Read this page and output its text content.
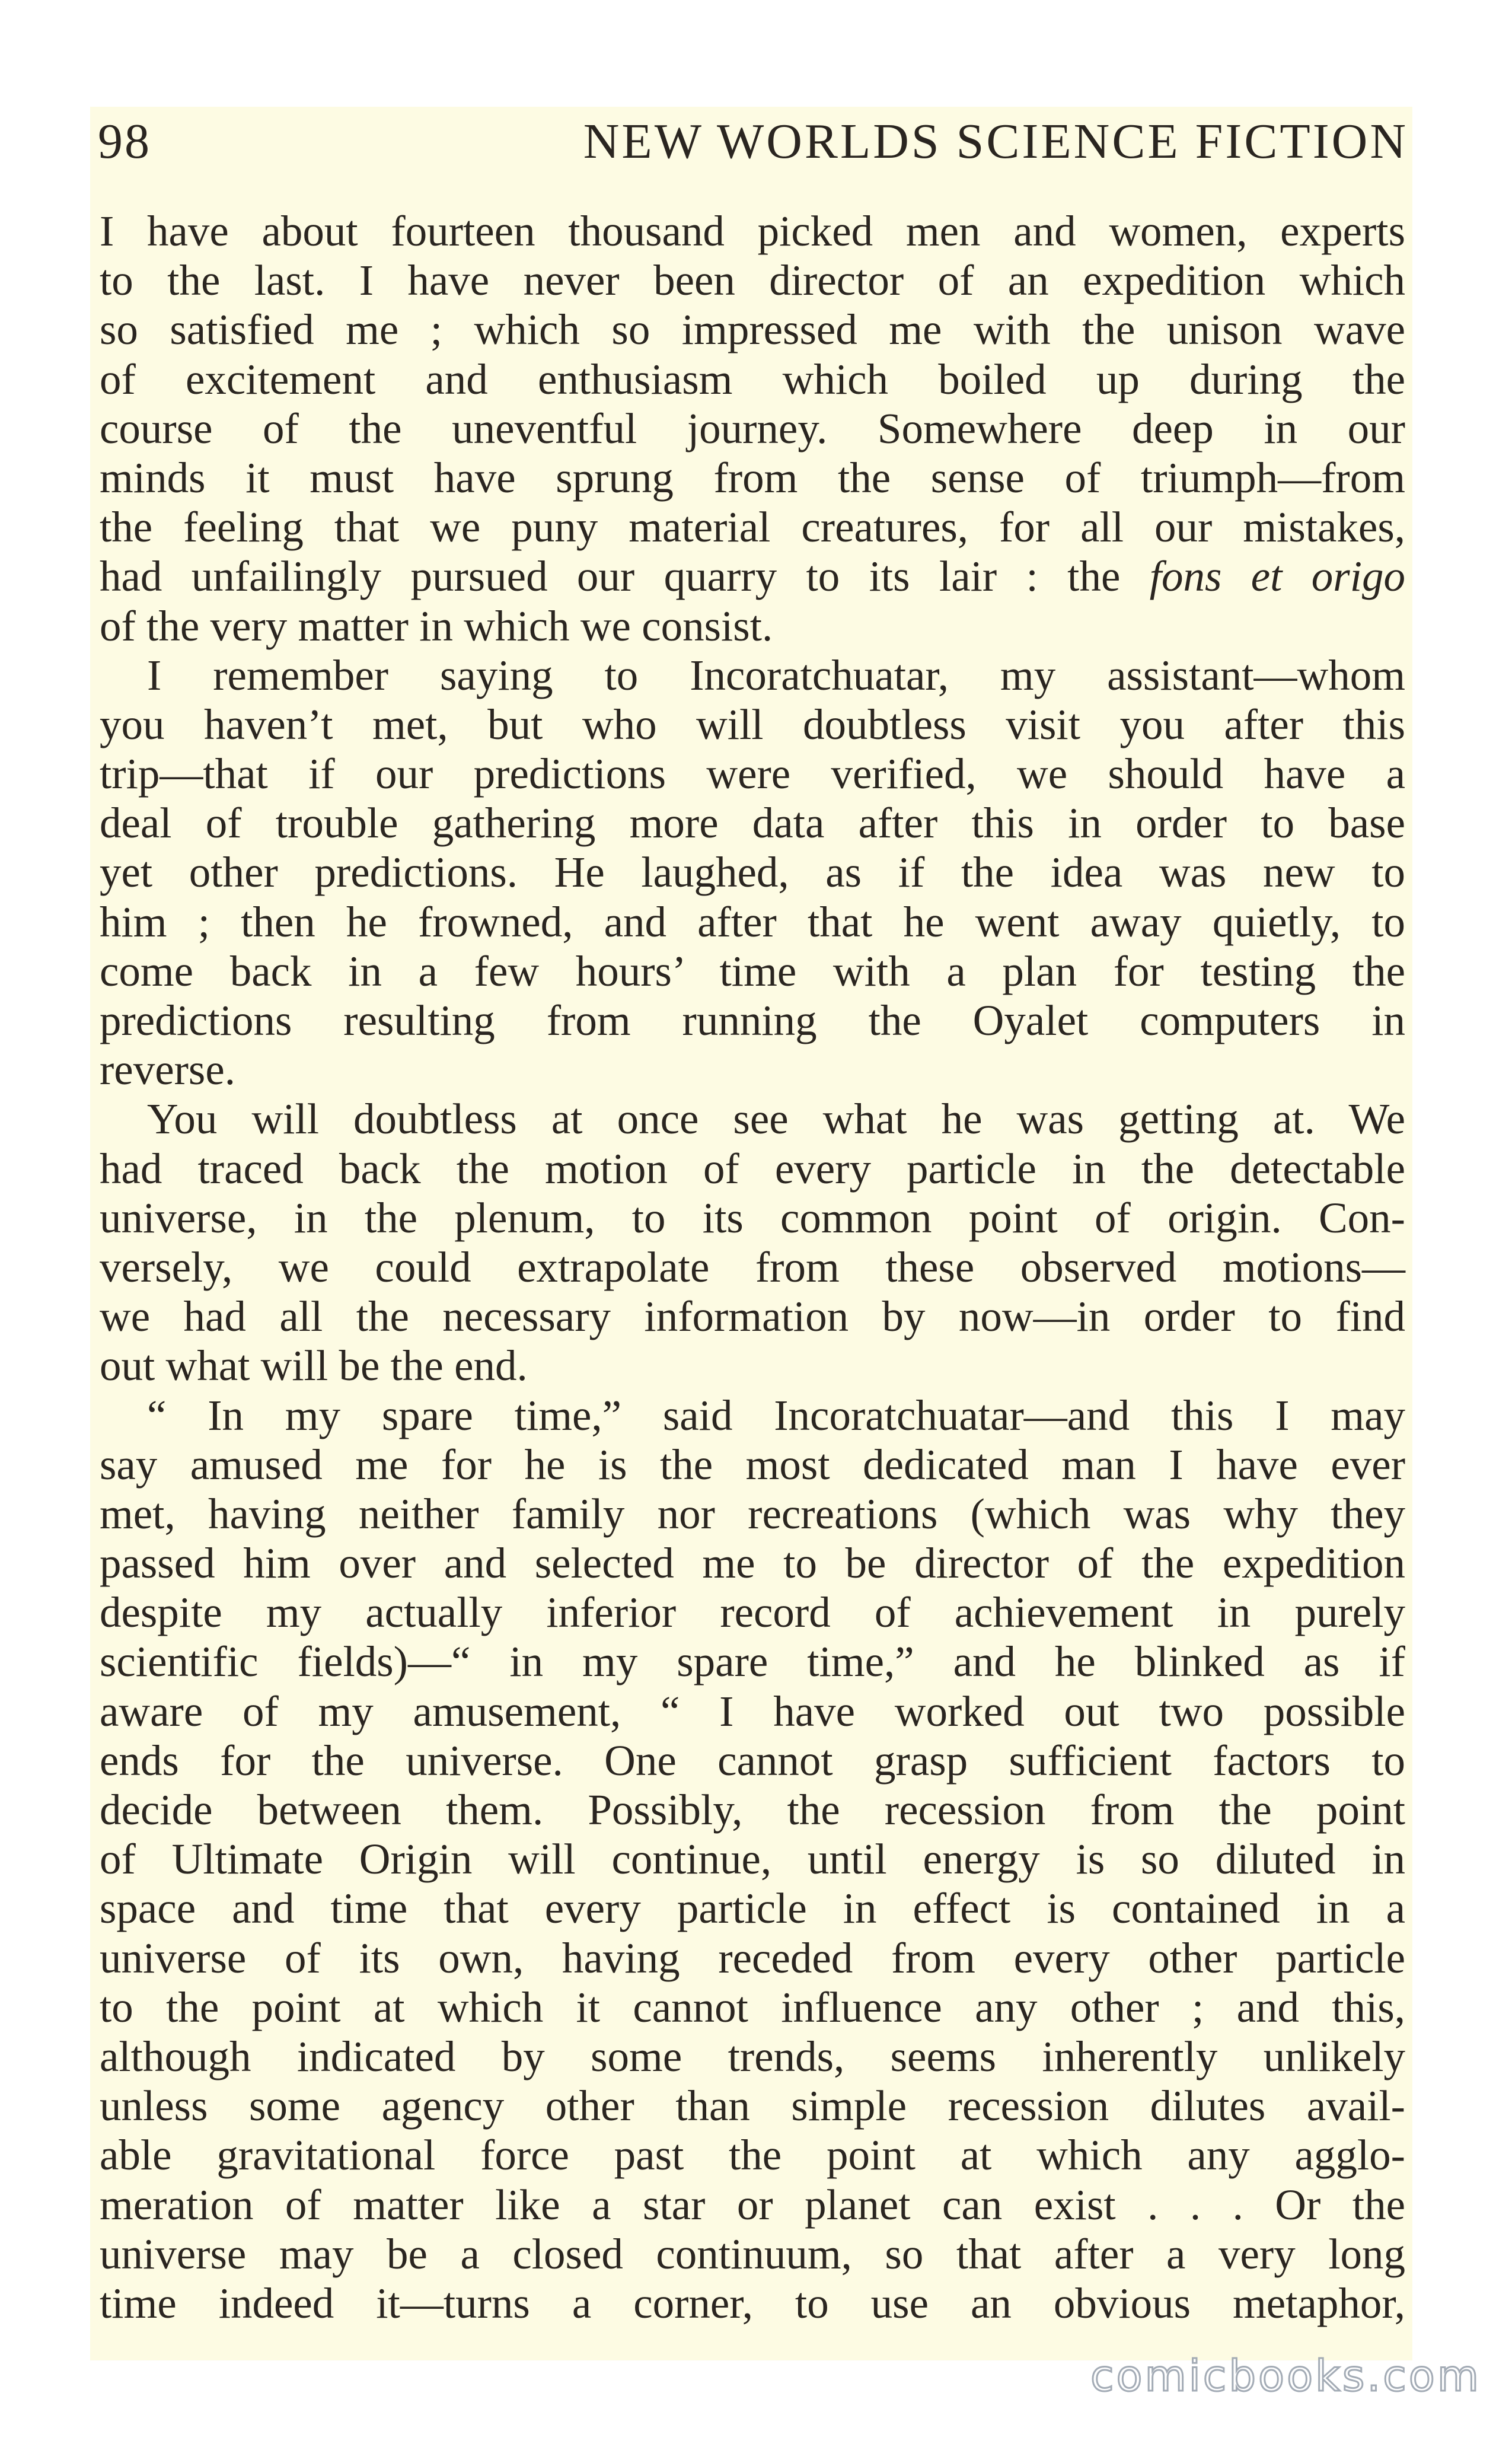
98	NEW WORLDS SCIENCE FICTION
I have about fourteen thousand picked men and women, experts
to the last. I have never been director of an expedition which
so satisfied me ; which so impressed me with the unison wave
of excitement and enthusiasm which boiled up during the
course of the uneventful journey. Somewhere deep in our
minds it must have sprung from the sense of triumph—from
the feeling that we puny material creatures, for all our mistakes,
had unfailingly pursued our quarry to its lair : the fons et origo
of the very matter in which we consist.
I remember saying to Incoratchuatar, my assistant—whom
you haven’t met, but who will doubtless visit you after this
trip—that if our predictions were verified, we should have a
deal of trouble gathering more data after this in order to base
yet other predictions. He laughed, as if the idea was new to
him ; then he frowned, and after that he went away quietly, to
come back in a few hours’ time with a plan for testing the
predictions resulting from running the Oyalet computers in
reverse.
You will doubtless at once see what he was getting at. We
had traced back the motion of every particle in the detectable
universe, in the plenum, to its common point of origin. Con-
versely, we could extrapolate from these observed motions—
we had all the necessary information by now—in order to find
out what will be the end.
“ In my spare time,” said Incoratchuatar—and this I may
say amused me for he is the most dedicated man I have ever
met, having neither family nor recreations (which was why they
passed him over and selected me to be director of the expedition
despite my actually inferior record of achievement in purely
scientific fields)—“ in my spare time,” and he blinked as if
aware of my amusement, “ I have worked out two possible
ends for the universe. One cannot grasp sufficient factors to
decide between them. Possibly, the recession from the point
of Ultimate Origin will continue, until energy is so diluted in
space and time that every particle in effect is contained in a
universe of its own, having receded from every other particle
to the point at which it cannot influence any other ; and this,
although indicated by some trends, seems inherently unlikely
unless some agency other than simple recession dilutes avail-
able gravitational force past the point at which any agglo-
meration of matter like a star or planet can exist . . . Or the
universe may be a closed continuum, so that after a very long
time indeed it—turns a corner, to use an obvious metaphor,
comicbooks.com
